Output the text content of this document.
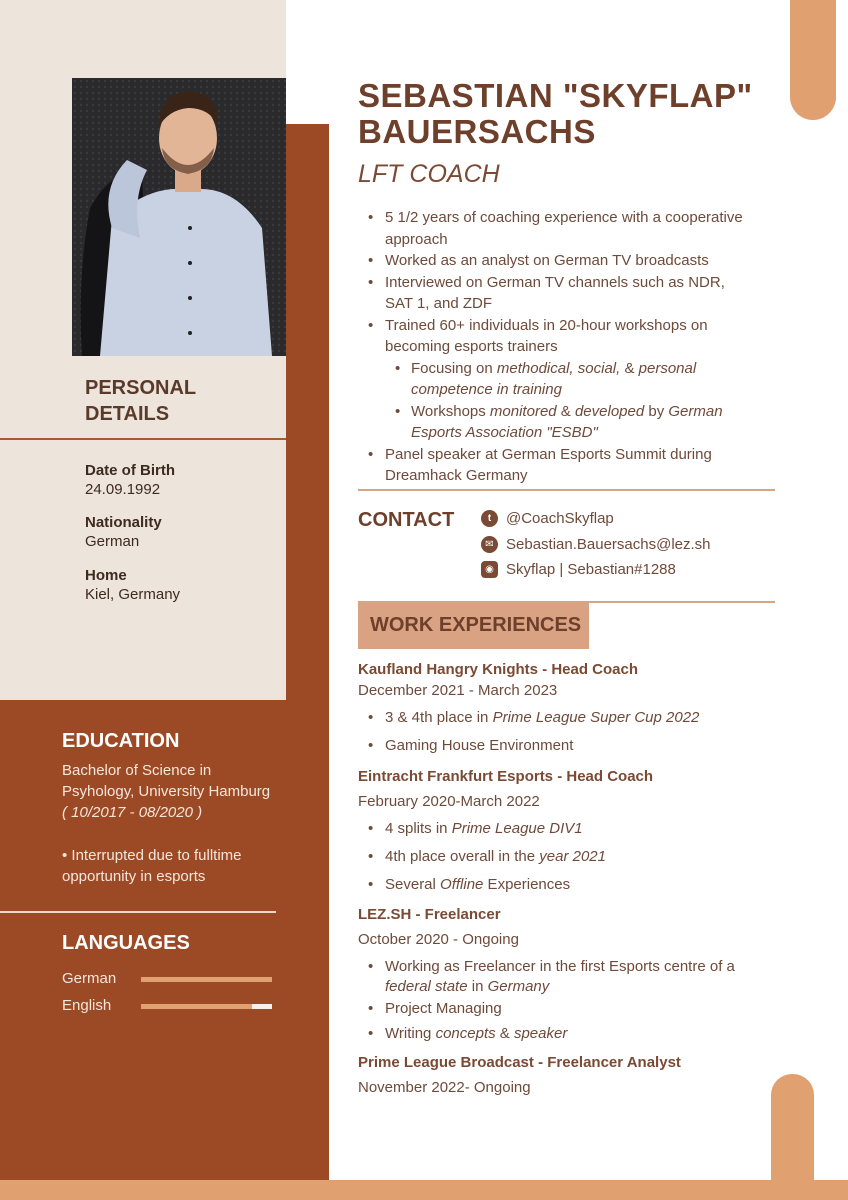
PERSONAL
DETAILS
Date of Birth
24.09.1992
Nationality
German
Home
Kiel, Germany
EDUCATION
Bachelor of Science in
Psyhology, University Hamburg
( 10/2017 - 08/2020 )
• Interrupted due to fulltime
opportunity in esports
LANGUAGES
German
English
SEBASTIAN "SKYFLAP"
BAUERSACHS
LFT COACH
• 5 1/2 years of coaching experience with a cooperative
approach
• Worked as an analyst on German TV broadcasts
• Interviewed on German TV channels such as NDR,
SAT 1, and ZDF
• Trained 60+ individuals in 20-hour workshops on
becoming esports trainers
• Focusing on methodical, social, & personal
competence in training
• Workshops monitored & developed by German
Esports Association "ESBD"
• Panel speaker at German Esports Summit during
Dreamhack Germany
CONTACT	t @CoachSkyflap
✉ Sebastian.Bauersachs@lez.sh
◉ Skyflap | Sebastian#1288
WORK EXPERIENCES
Kaufland Hangry Knights - Head Coach
December 2021 - March 2023
• 3 & 4th place in Prime League Super Cup 2022
• Gaming House Environment
Eintracht Frankfurt Esports - Head Coach
February 2020-March 2022
• 4 splits in Prime League DIV1
• 4th place overall in the year 2021
• Several Offline Experiences
LEZ.SH - Freelancer
October 2020 - Ongoing
• Working as Freelancer in the first Esports centre of a
federal state in Germany
• Project Managing
• Writing concepts & speaker
Prime League Broadcast - Freelancer Analyst
November 2022- Ongoing
